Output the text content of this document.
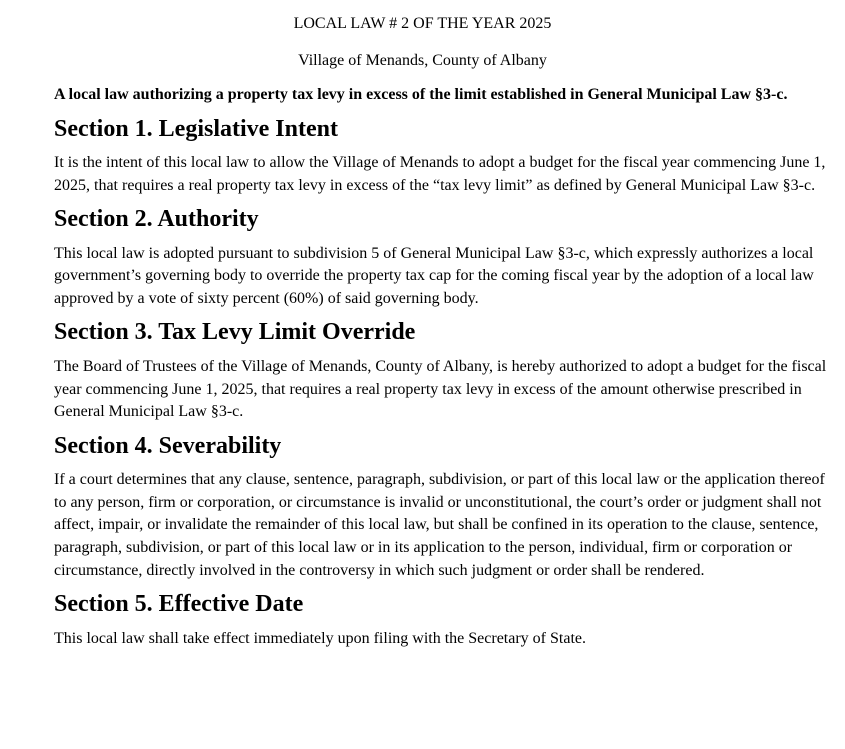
LOCAL LAW # 2 OF THE YEAR 2025

Village of Menands, County of Albany

A local law authorizing a property tax levy in excess of the limit established in General Municipal Law §3-c.

Section 1. Legislative Intent

It is the intent of this local law to allow the Village of Menands to adopt a budget for the fiscal year commencing June 1, 2025, that requires a real property tax levy in excess of the “tax levy limit” as defined by General Municipal Law §3-c.

Section 2. Authority

This local law is adopted pursuant to subdivision 5 of General Municipal Law §3-c, which expressly authorizes a local government’s governing body to override the property tax cap for the coming fiscal year by the adoption of a local law approved by a vote of sixty percent (60%) of said governing body.

Section 3. Tax Levy Limit Override

The Board of Trustees of the Village of Menands, County of Albany, is hereby authorized to adopt a budget for the fiscal year commencing June 1, 2025, that requires a real property tax levy in excess of the amount otherwise prescribed in General Municipal Law §3-c.

Section 4. Severability

If a court determines that any clause, sentence, paragraph, subdivision, or part of this local law or the application thereof to any person, firm or corporation, or circumstance is invalid or unconstitutional, the court’s order or judgment shall not affect, impair, or invalidate the remainder of this local law, but shall be confined in its operation to the clause, sentence, paragraph, subdivision, or part of this local law or in its application to the person, individual, firm or corporation or circumstance, directly involved in the controversy in which such judgment or order shall be rendered.

Section 5. Effective Date

This local law shall take effect immediately upon filing with the Secretary of State.
